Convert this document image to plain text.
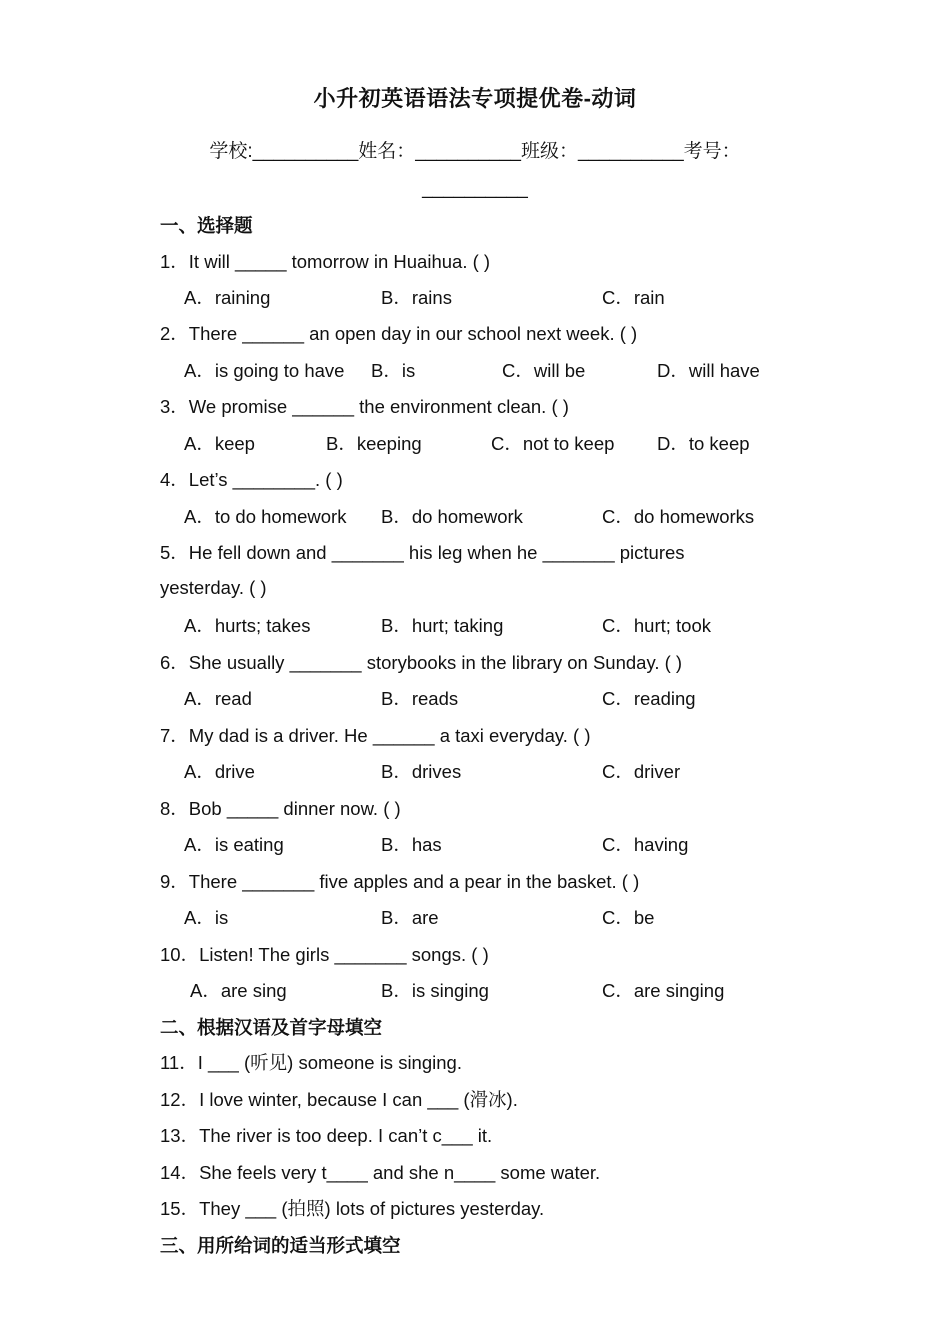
小升初英语语法专项提优卷-动词
学校:__________姓名：__________班级：__________考号：
__________
一、选择题
1．It will _____ tomorrow in Huaihua. ( )
A．raining	B．rains	C．rain
2．There ______ an open day in our school next week. ( )
A．is going to have B．is	C．will be	D．will have
3．We promise ______ the environment clean. ( )
A．keep	B．keeping	C．not to keep D．to keep
4．Let’s ________. ( )
A．to do homework B．do homework	C．do homeworks
5．He fell down and _______ his leg when he _______ pictures
yesterday. ( )
A．hurts; takes	B．hurt; taking	C．hurt; took
6．She usually _______ storybooks in the library on Sunday. ( )
A．read	B．reads	C．reading
7．My dad is a driver. He ______ a taxi everyday. ( )
A．drive	B．drives	C．driver
8．Bob _____ dinner now. ( )
A．is eating	B．has	C．having
9．There _______ five apples and a pear in the basket. ( )
A．is	B．are	C．be
10．Listen! The girls _______ songs. ( )
A．are sing	B．is singing	C．are singing
二、根据汉语及首字母填空
11．I ___ (听见) someone is singing.
12．I love winter, because I can ___ (滑冰).
13．The river is too deep. I can’t c___ it.
14．She feels very t____ and she n____ some water.
15．They ___ (拍照) lots of pictures yesterday.
三、用所给词的适当形式填空
